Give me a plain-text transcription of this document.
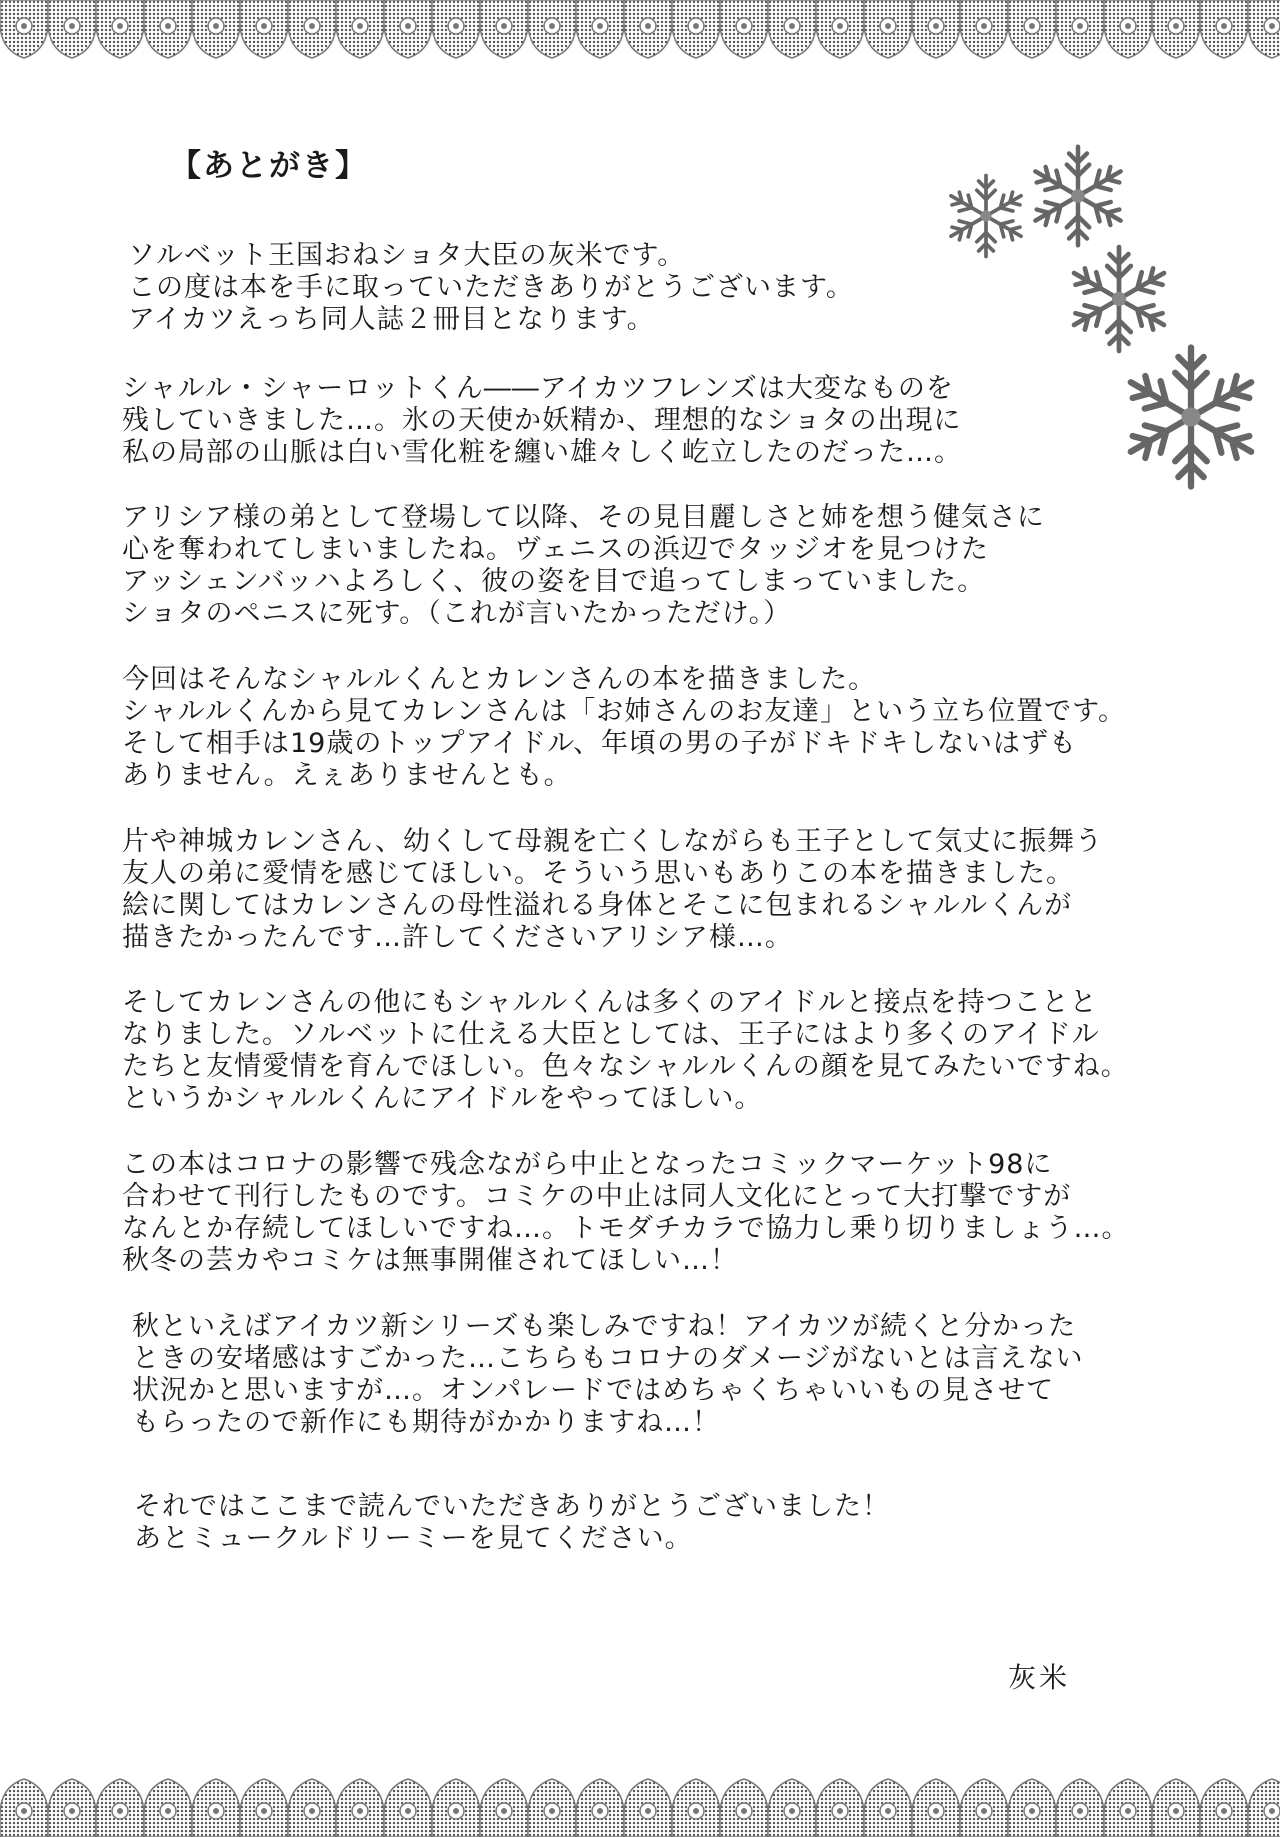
【あとがき】
ソルベット王国おねショタ大臣の灰米です。
この度は本を手に取っていただきありがとうございます。
アイカツえっち同人誌２冊目となります。
シャルル・シャーロットくん――アイカツフレンズは大変なものを
残していきました…。氷の天使か妖精か、理想的なショタの出現に
私の局部の山脈は白い雪化粧を纏い雄々しく屹立したのだった…。
アリシア様の弟として登場して以降、その見目麗しさと姉を想う健気さに
心を奪われてしまいましたね。ヴェニスの浜辺でタッジオを見つけた
アッシェンバッハよろしく、彼の姿を目で追ってしまっていました。
ショタのペニスに死す。（これが言いたかっただけ。）
今回はそんなシャルルくんとカレンさんの本を描きました。
シャルルくんから見てカレンさんは「お姉さんのお友達」という立ち位置です。
そして相手は19歳のトップアイドル、年頃の男の子がドキドキしないはずも
ありません。えぇありませんとも。
片や神城カレンさん、幼くして母親を亡くしながらも王子として気丈に振舞う
友人の弟に愛情を感じてほしい。そういう思いもありこの本を描きました。
絵に関してはカレンさんの母性溢れる身体とそこに包まれるシャルルくんが
描きたかったんです…許してくださいアリシア様…。
そしてカレンさんの他にもシャルルくんは多くのアイドルと接点を持つことと
なりました。ソルベットに仕える大臣としては、王子にはより多くのアイドル
たちと友情愛情を育んでほしい。色々なシャルルくんの顔を見てみたいですね。
というかシャルルくんにアイドルをやってほしい。
この本はコロナの影響で残念ながら中止となったコミックマーケット98に
合わせて刊行したものです。コミケの中止は同人文化にとって大打撃ですが
なんとか存続してほしいですね…。トモダチカラで協力し乗り切りましょう…。
秋冬の芸カやコミケは無事開催されてほしい…！
秋といえばアイカツ新シリーズも楽しみですね！アイカツが続くと分かった
ときの安堵感はすごかった…こちらもコロナのダメージがないとは言えない
状況かと思いますが…。オンパレードではめちゃくちゃいいもの見させて
もらったので新作にも期待がかかりますね…！
それではここまで読んでいただきありがとうございました！
あとミュークルドリーミーを見てください。
灰米
